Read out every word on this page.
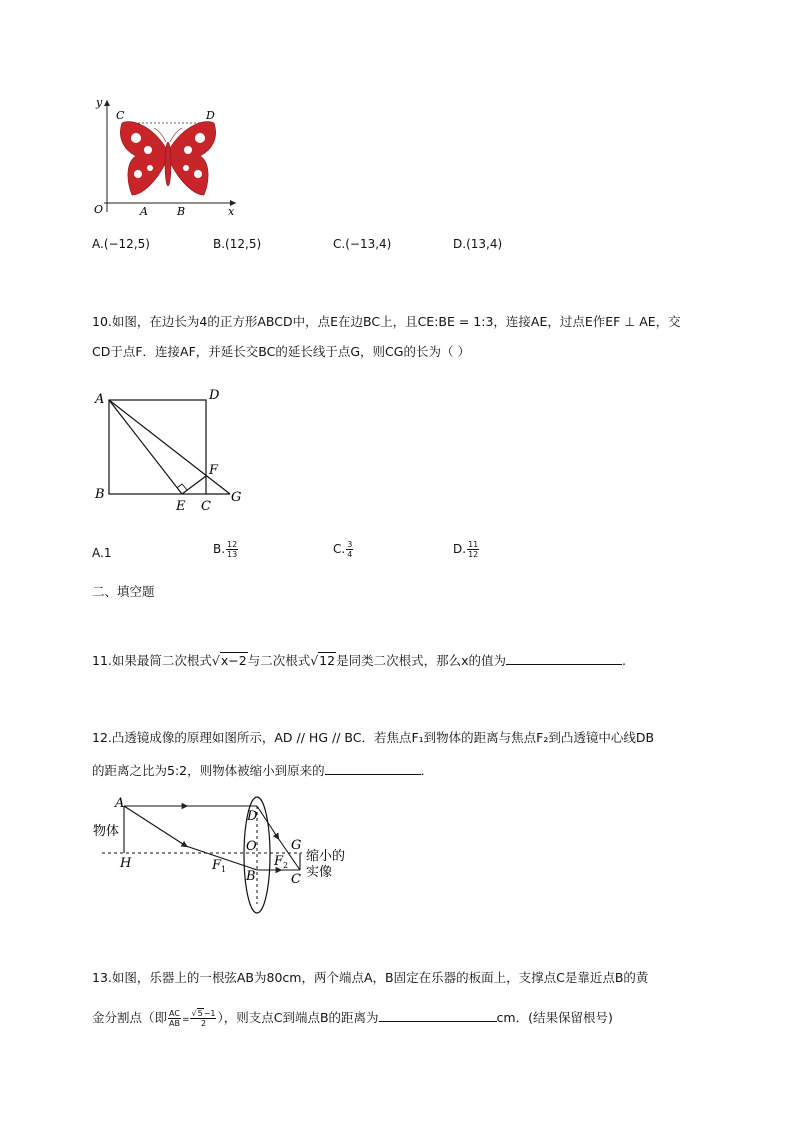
y
C	D
O	A	B	x
A.(−12,5)	B.(12,5)	C.(−13,4)	D.(13,4)
10.如图，在边长为4的正方形ABCD中，点E在边BC上，且CE:BE = 1:3，连接AE，过点E作EF ⊥ AE，交
CD于点F．连接AF，并延长交BC的延长线于点G，则CG的长为（ ）
A	D
F
B
E C
G
A.1	B. $\frac{12}{13}$	C. $\frac{3}{4}$	D. $\frac{11}{12}$
二、填空题
11.如果最简二次根式√x−2与二次根式√12是同类二次根式，那么x的值为	.
12.凸透镜成像的原理如图所示，AD // HG // BC．若焦点F₁到物体的距离与焦点F₂到凸透镜中心线DB
的距离之比为5:2，则物体被缩小到原来的	．
A
物体
H
D
O
$F_1$ B
$F_2$
G
C
缩小的
实像
13.如图，乐器上的一根弦AB为80cm，两个端点A，B固定在乐器的板面上，支撑点C是靠近点B的黄
金分割点（即 $\frac{AC}{AB} = \frac{√5-1}{2}$ ），则支点C到端点B的距离为	cm．(结果保留根号)
